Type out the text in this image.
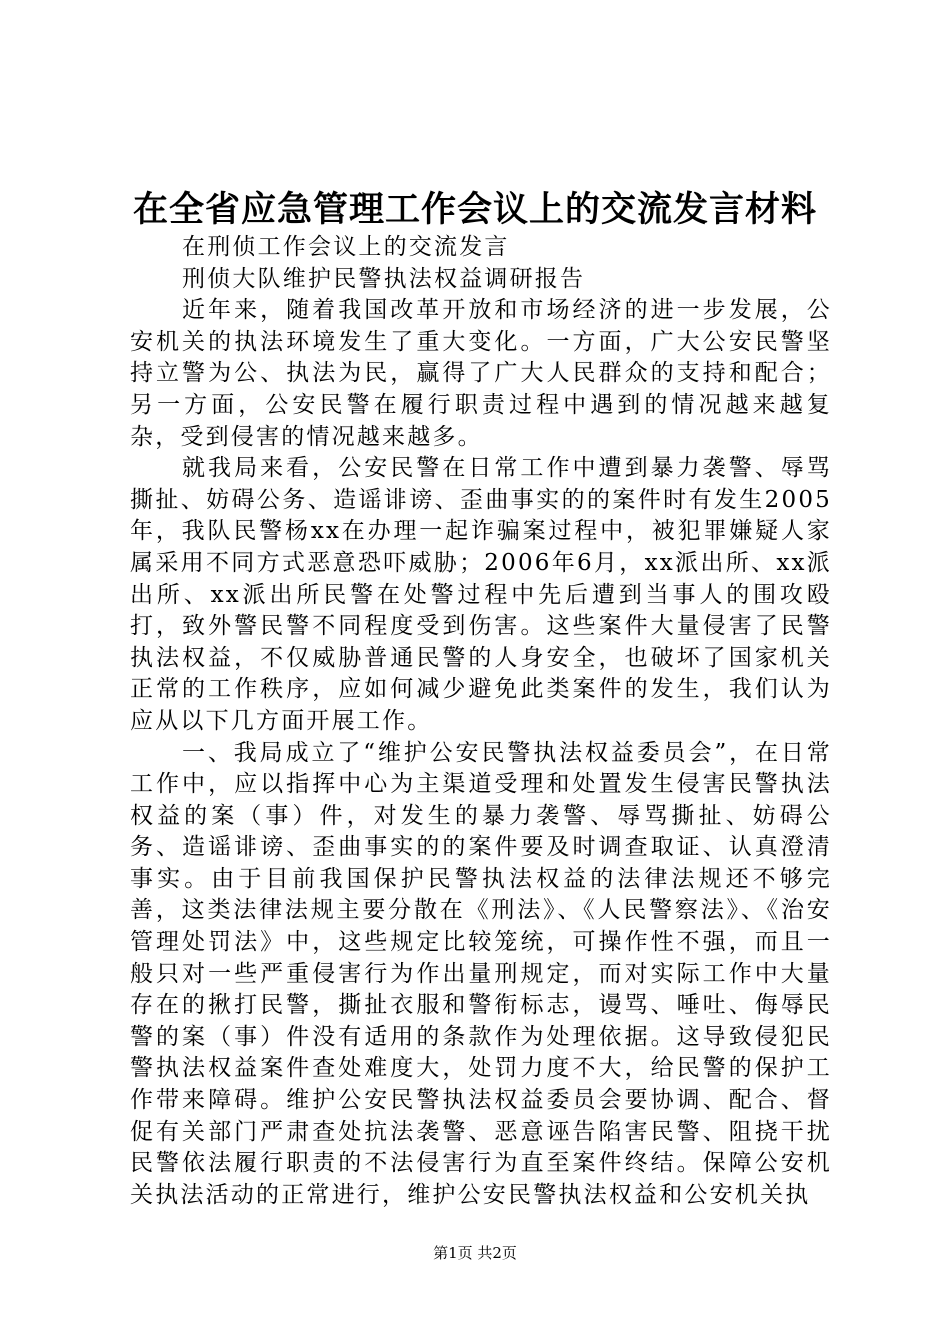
在全省应急管理工作会议上的交流发言材料

在刑侦工作会议上的交流发言

刑侦大队维护民警执法权益调研报告

近年来，随着我国改革开放和市场经济的进一步发展，公安机关的执法环境发生了重大变化。一方面，广大公安民警坚持立警为公、执法为民，赢得了广大人民群众的支持和配合；另一方面，公安民警在履行职责过程中遇到的情况越来越复杂，受到侵害的情况越来越多。

就我局来看，公安民警在日常工作中遭到暴力袭警、辱骂撕扯、妨碍公务、造谣诽谤、歪曲事实的的案件时有发生2005年，我队民警杨xx在办理一起诈骗案过程中，被犯罪嫌疑人家属采用不同方式恶意恐吓威胁；2006年6月，xx派出所、xx派出所、xx派出所民警在处警过程中先后遭到当事人的围攻殴打，致外警民警不同程度受到伤害。这些案件大量侵害了民警执法权益，不仅威胁普通民警的人身安全，也破坏了国家机关正常的工作秩序，应如何减少避免此类案件的发生，我们认为应从以下几方面开展工作。

一、我局成立了“维护公安民警执法权益委员会”，在日常工作中，应以指挥中心为主渠道受理和处置发生侵害民警执法权益的案（事）件，对发生的暴力袭警、辱骂撕扯、妨碍公务、造谣诽谤、歪曲事实的的案件要及时调查取证、认真澄清事实。由于目前我国保护民警执法权益的法律法规还不够完善，这类法律法规主要分散在《刑法》、《人民警察法》、《治安管理处罚法》中，这些规定比较笼统，可操作性不强，而且一般只对一些严重侵害行为作出量刑规定，而对实际工作中大量存在的揪打民警，撕扯衣服和警衔标志，谩骂、唾吐、侮辱民警的案（事）件没有适用的条款作为处理依据。这导致侵犯民警执法权益案件查处难度大，处罚力度不大，给民警的保护工作带来障碍。维护公安民警执法权益委员会要协调、配合、督促有关部门严肃查处抗法袭警、恶意诬告陷害民警、阻挠干扰民警依法履行职责的不法侵害行为直至案件终结。保障公安机关执法活动的正常进行，维护公安民警执法权益和公安机关执

第1页 共2页
